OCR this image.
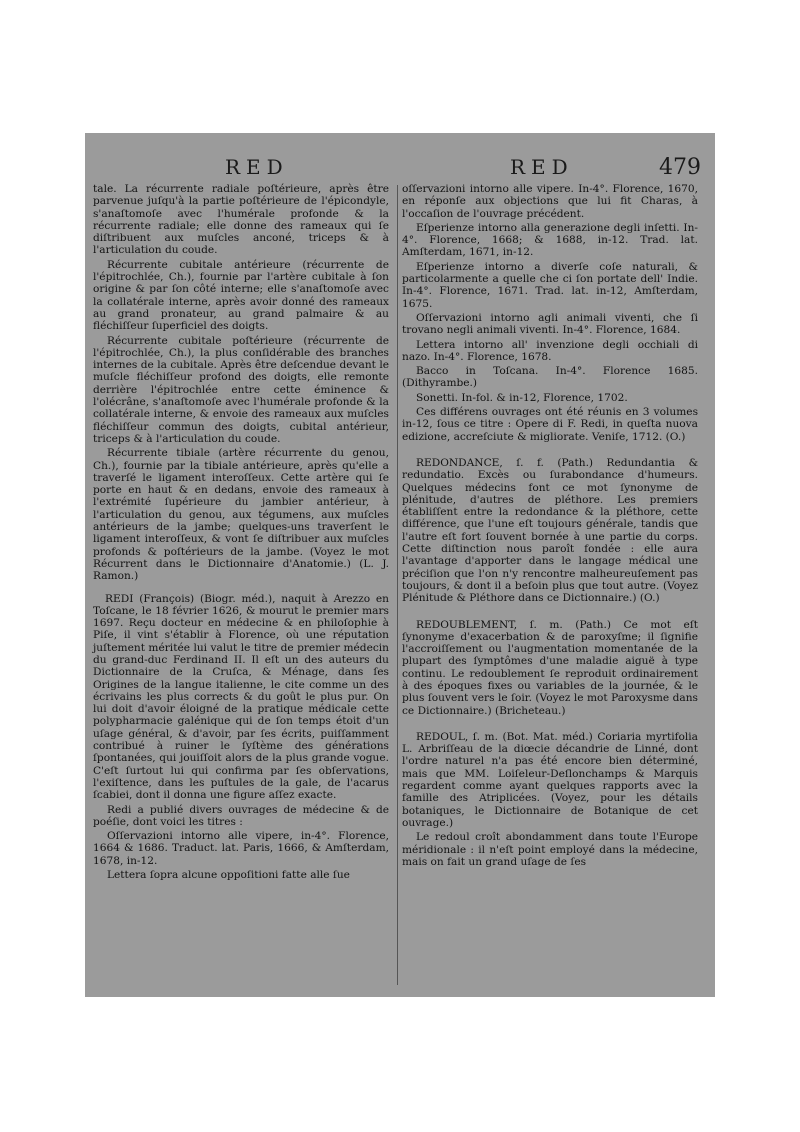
RED	RED	479

tale. La récurrente radiale poſtérieure, après être parvenue juſqu'à la partie poſtérieure de l'épicondyle, s'anaſtomoſe avec l'humérale profonde & la récurrente radiale; elle donne des rameaux qui ſe diſtribuent aux muſcles anconé, triceps & à l'articulation du coude.

Récurrente cubitale antérieure (récurrente de l'épitrochlée, Ch.), fournie par l'artère cubitale à ſon origine & par ſon côté interne; elle s'anaſtomoſe avec la collatérale interne, après avoir donné des rameaux au grand pronateur, au grand palmaire & au fléchiſſeur ſuperficiel des doigts.

Récurrente cubitale poſtérieure (récurrente de l'épitrochlée, Ch.), la plus conſidérable des branches internes de la cubitale. Après être deſcendue devant le muſcle fléchiſſeur profond des doigts, elle remonte derrière l'épitrochlée entre cette éminence & l'olécrâne, s'anaſtomoſe avec l'humérale profonde & la collatérale interne, & envoie des rameaux aux muſcles fléchiſſeur commun des doigts, cubital antérieur, triceps & à l'articulation du coude.

Récurrente tibiale (artère récurrente du genou, Ch.), fournie par la tibiale antérieure, après qu'elle a traverſé le ligament interoſſeux. Cette artère qui ſe porte en haut & en dedans, envoie des rameaux à l'extrémité ſupérieure du jambier antérieur, à l'articulation du genou, aux tégumens, aux muſcles antérieurs de la jambe; quelques-uns traverſent le ligament interoſſeux, & vont ſe diſtribuer aux muſcles profonds & poſtérieurs de la jambe. (Voyez le mot Récurrent dans le Dictionnaire d'Anatomie.) (L. J. Ramon.)

REDI (François) (Biogr. méd.), naquit à Arezzo en Toſcane, le 18 février 1626, & mourut le premier mars 1697. Reçu docteur en médecine & en philoſophie à Piſe, il vint s'établir à Florence, où une réputation juſtement méritée lui valut le titre de premier médecin du grand-duc Ferdinand II. Il eſt un des auteurs du Dictionnaire de la Cruſca, & Ménage, dans ſes Origines de la langue italienne, le cite comme un des écrivains les plus corrects & du goût le plus pur. On lui doit d'avoir éloigné de la pratique médicale cette polypharmacie galénique qui de ſon temps étoit d'un uſage général, & d'avoir, par ſes écrits, puiſſamment contribué à ruiner le ſyſtème des générations ſpontanées, qui jouiſſoit alors de la plus grande vogue. C'eſt ſurtout lui qui confirma par ſes obſervations, l'exiſtence, dans les puſtules de la gale, de l'acarus ſcabiei, dont il donna une figure aſſez exacte.

Redi a publié divers ouvrages de médecine & de poéſie, dont voici les titres :

Oſſervazioni intorno alle vipere, in-4°. Florence, 1664 & 1686. Traduct. lat. Paris, 1666, & Amſterdam, 1678, in-12.

Lettera ſopra alcune oppoſitioni fatte alle ſue

oſſervazioni intorno alle vipere. In-4°. Florence, 1670, en réponſe aux objections que lui fit Charas, à l'occaſion de l'ouvrage précédent.

Eſperienze intorno alla generazione degli inſetti. In-4°. Florence, 1668; & 1688, in-12. Trad. lat. Amſterdam, 1671, in-12.

Eſperienze intorno a diverſe coſe naturali, & particolarmente a quelle che ci ſon portate dell' Indie. In-4°. Florence, 1671. Trad. lat. in-12, Amſterdam, 1675.

Oſſervazioni intorno agli animali viventi, che ſi trovano negli animali viventi. In-4°. Florence, 1684.

Lettera intorno all' invenzione degli occhiali di nazo. In-4°. Florence, 1678.

Bacco in Toſcana. In-4°. Florence 1685. (Dithyrambe.)

Sonetti. In-fol. & in-12, Florence, 1702.

Ces différens ouvrages ont été réunis en 3 volumes in-12, ſous ce titre : Opere di F. Redi, in queſta nuova edizione, accreſciute & migliorate. Veniſe, 1712. (O.)

REDONDANCE, ſ. f. (Path.) Redundantia & redundatio. Excès ou ſurabondance d'humeurs. Quelques médecins font ce mot ſynonyme de plénitude, d'autres de pléthore. Les premiers établiſſent entre la redondance & la pléthore, cette différence, que l'une eſt toujours générale, tandis que l'autre eſt fort ſouvent bornée à une partie du corps. Cette diſtinction nous paroît fondée : elle aura l'avantage d'apporter dans le langage médical une préciſion que l'on n'y rencontre malheureuſement pas toujours, & dont il a beſoin plus que tout autre. (Voyez Plénitude & Pléthore dans ce Dictionnaire.) (O.)

REDOUBLEMENT, ſ. m. (Path.) Ce mot eſt ſynonyme d'exacerbation & de paroxyſme; il ſignifie l'accroiſſement ou l'augmentation momentanée de la plupart des ſymptômes d'une maladie aiguë à type continu. Le redoublement ſe reproduit ordinairement à des époques fixes ou variables de la journée, & le plus ſouvent vers le ſoir. (Voyez le mot Paroxysme dans ce Dictionnaire.) (Bricheteau.)

REDOUL, ſ. m. (Bot. Mat. méd.) Coriaria myrtifolia L. Arbriſſeau de la diœcie décandrie de Linné, dont l'ordre naturel n'a pas été encore bien déterminé, mais que MM. Loiſeleur-Deſlonchamps & Marquis regardent comme ayant quelques rapports avec la famille des Atriplicées. (Voyez, pour les détails botaniques, le Dictionnaire de Botanique de cet ouvrage.)

Le redoul croît abondamment dans toute l'Europe méridionale : il n'eſt point employé dans la médecine, mais on fait un grand uſage de ſes
